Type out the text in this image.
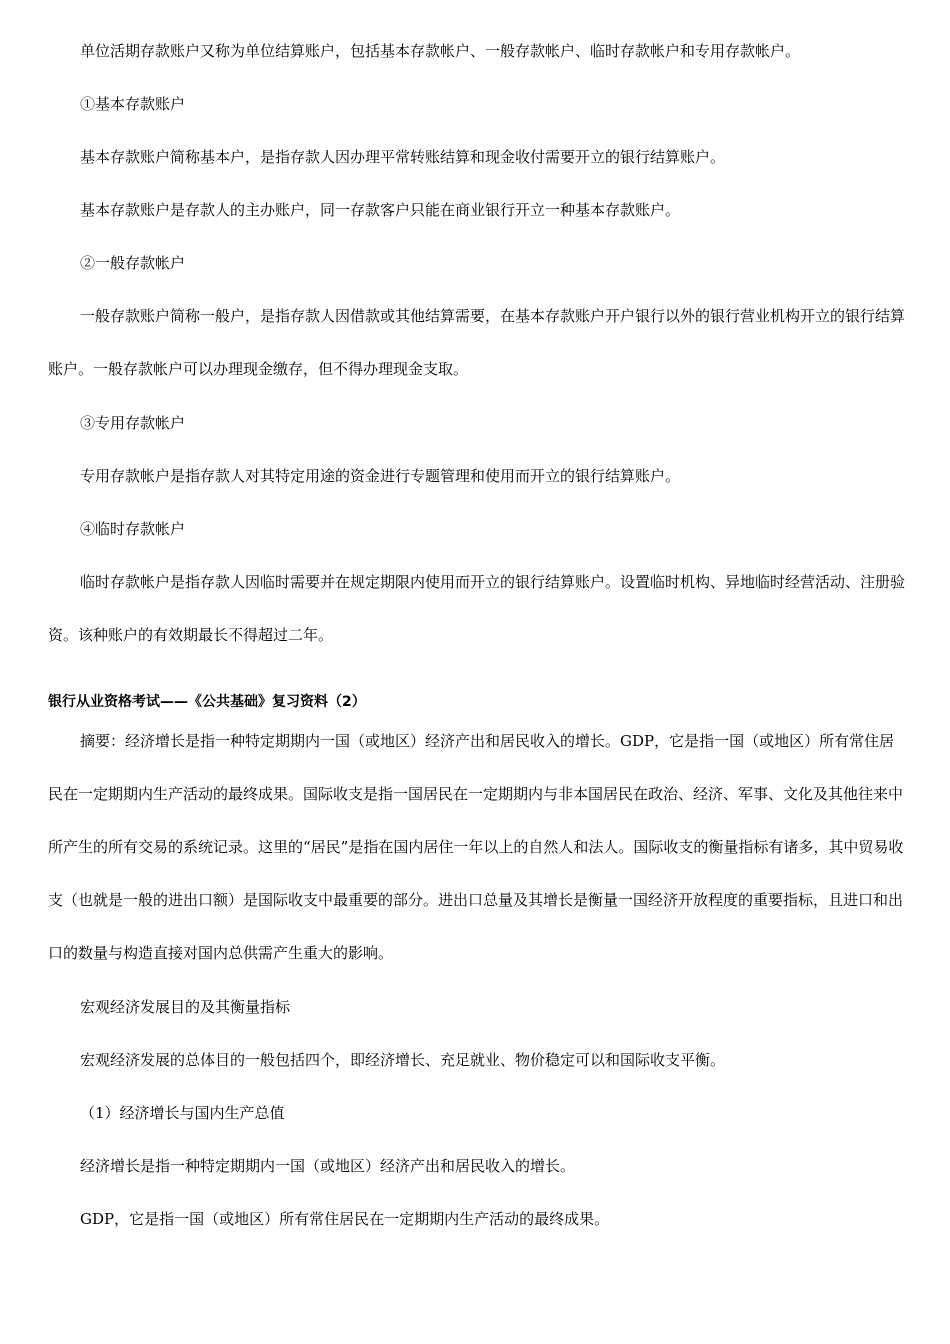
单位活期存款账户又称为单位结算账户，包括基本存款帐户、一般存款帐户、临时存款帐户和专用存款帐户。

①基本存款账户

基本存款账户简称基本户，是指存款人因办理平常转账结算和现金收付需要开立的银行结算账户。

基本存款账户是存款人的主办账户，同一存款客户只能在商业银行开立一种基本存款账户。

②一般存款帐户

一般存款账户简称一般户，是指存款人因借款或其他结算需要，在基本存款账户开户银行以外的银行营业机构开立的银行结算账户。一般存款帐户可以办理现金缴存，但不得办理现金支取。

③专用存款帐户

专用存款帐户是指存款人对其特定用途的资金进行专题管理和使用而开立的银行结算账户。

④临时存款帐户

临时存款帐户是指存款人因临时需要并在规定期限内使用而开立的银行结算账户。设置临时机构、异地临时经营活动、注册验资。该种账户的有效期最长不得超过二年。

银行从业资格考试——《公共基础》复习资料（2）

摘要：经济增长是指一种特定期期内一国（或地区）经济产出和居民收入的增长。GDP，它是指一国（或地区）所有常住居民在一定期期内生产活动的最终成果。国际收支是指一国居民在一定期期内与非本国居民在政治、经济、军事、文化及其他往来中所产生的所有交易的系统记录。这里的“居民”是指在国内居住一年以上的自然人和法人。国际收支的衡量指标有诸多，其中贸易收支（也就是一般的进出口额）是国际收支中最重要的部分。进出口总量及其增长是衡量一国经济开放程度的重要指标，且进口和出口的数量与构造直接对国内总供需产生重大的影响。

宏观经济发展目的及其衡量指标

宏观经济发展的总体目的一般包括四个，即经济增长、充足就业、物价稳定可以和国际收支平衡。

（1）经济增长与国内生产总值

经济增长是指一种特定期期内一国（或地区）经济产出和居民收入的增长。

GDP，它是指一国（或地区）所有常住居民在一定期期内生产活动的最终成果。
